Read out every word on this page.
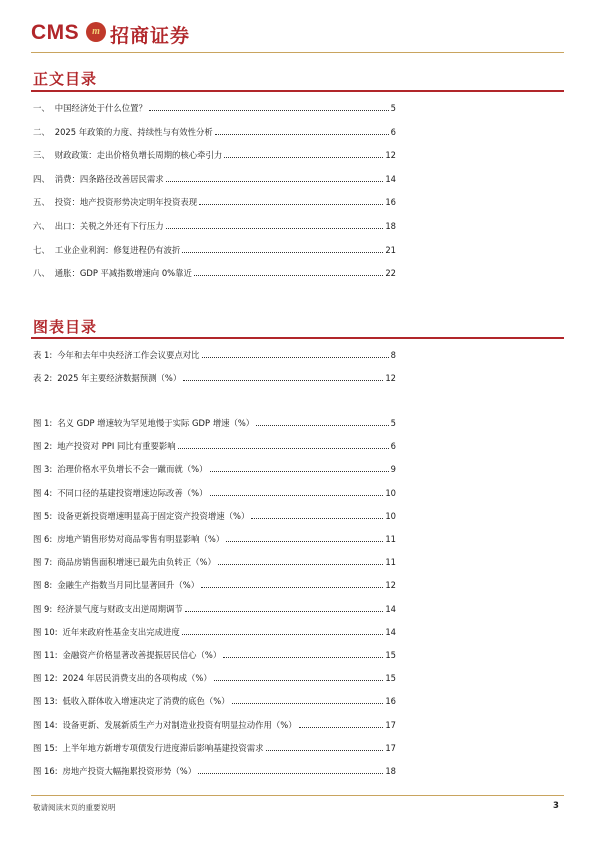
CMS	m 招商证券
正文目录
一、 中国经济处于什么位置？	5
二、 2025 年政策的力度、持续性与有效性分析	6
三、 财政政策：走出价格负增长周期的核心牵引力	12
四、 消费：四条路径改善居民需求	14
五、 投资：地产投资形势决定明年投资表现	16
六、 出口：关税之外还有下行压力	18
七、 工业企业利润：修复进程仍有波折	21
八、 通胀：GDP 平减指数增速向 0%靠近	22
图表目录
表 1: 今年和去年中央经济工作会议要点对比	8
表 2: 2025 年主要经济数据预测（%）	12
图 1: 名义 GDP 增速较为罕见地慢于实际 GDP 增速（%）	5
图 2: 地产投资对 PPI 同比有重要影响	6
图 3: 治理价格水平负增长不会一蹴而就（%）	9
图 4: 不同口径的基建投资增速边际改善（%）	10
图 5: 设备更新投资增速明显高于固定资产投资增速（%）	10
图 6: 房地产销售形势对商品零售有明显影响（%）	11
图 7: 商品房销售面积增速已最先由负转正（%）	11
图 8: 金融生产指数当月同比显著回升（%）	12
图 9: 经济景气度与财政支出逆周期调节	14
图 10: 近年来政府性基金支出完成进度	14
图 11: 金融资产价格显著改善提振居民信心（%）	15
图 12: 2024 年居民消费支出的各项构成（%）	15
图 13: 低收入群体收入增速决定了消费的底色（%）	16
图 14: 设备更新、发展新质生产力对制造业投资有明显拉动作用（%）	17
图 15: 上半年地方新增专项债发行进度滞后影响基建投资需求	17
图 16: 房地产投资大幅拖累投资形势（%）	18
敬请阅读末页的重要说明	3
